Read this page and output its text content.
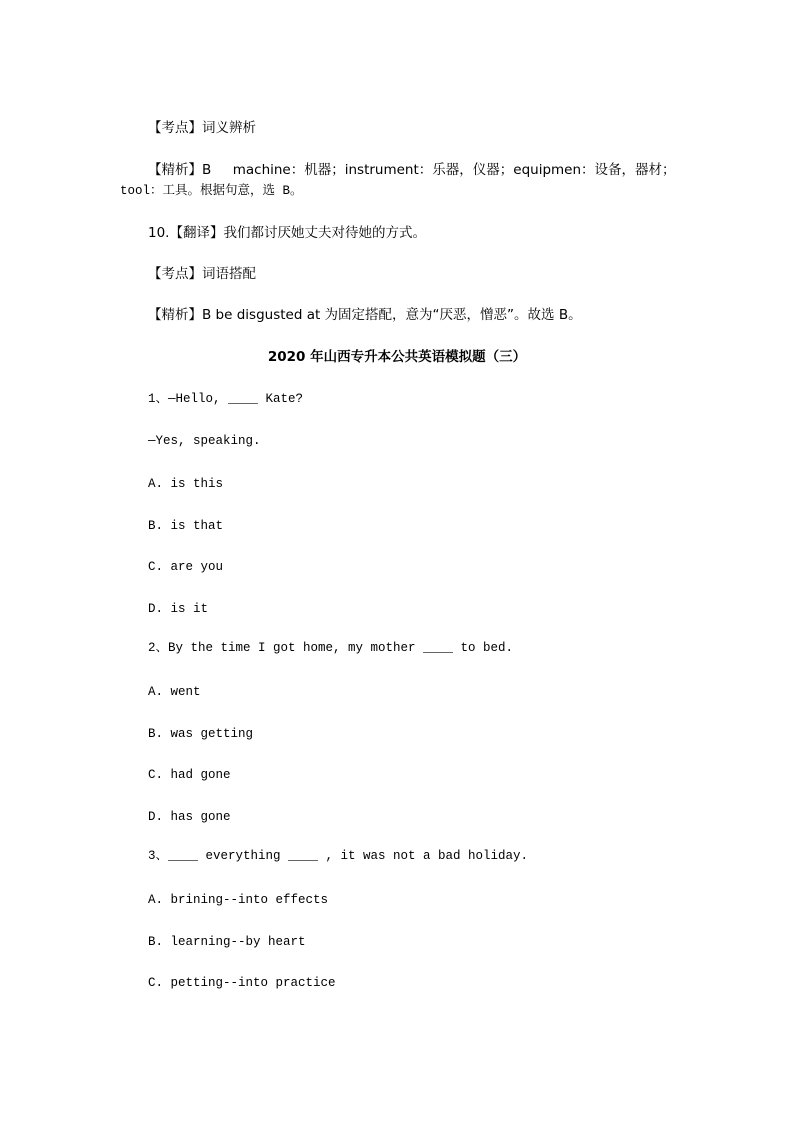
【考点】词义辨析
【精析】B     machine：机器；instrument：乐器，仪器；equipmen：设备，器材；
tool：工具。根据句意，选 B。
10.【翻译】我们都讨厌她丈夫对待她的方式。
【考点】词语搭配
【精析】B be disgusted at 为固定搭配，意为“厌恶，憎恶”。故选 B。
2020 年山西专升本公共英语模拟题（三）
1、—Hello, ____ Kate?
—Yes, speaking.
A. is this
B. is that
C. are you
D. is it
2、By the time I got home, my mother ____ to bed.
A. went
B. was getting
C. had gone
D. has gone
3、____ everything ____ , it was not a bad holiday.
A. brining--into effects
B. learning--by heart
C. petting--into practice
